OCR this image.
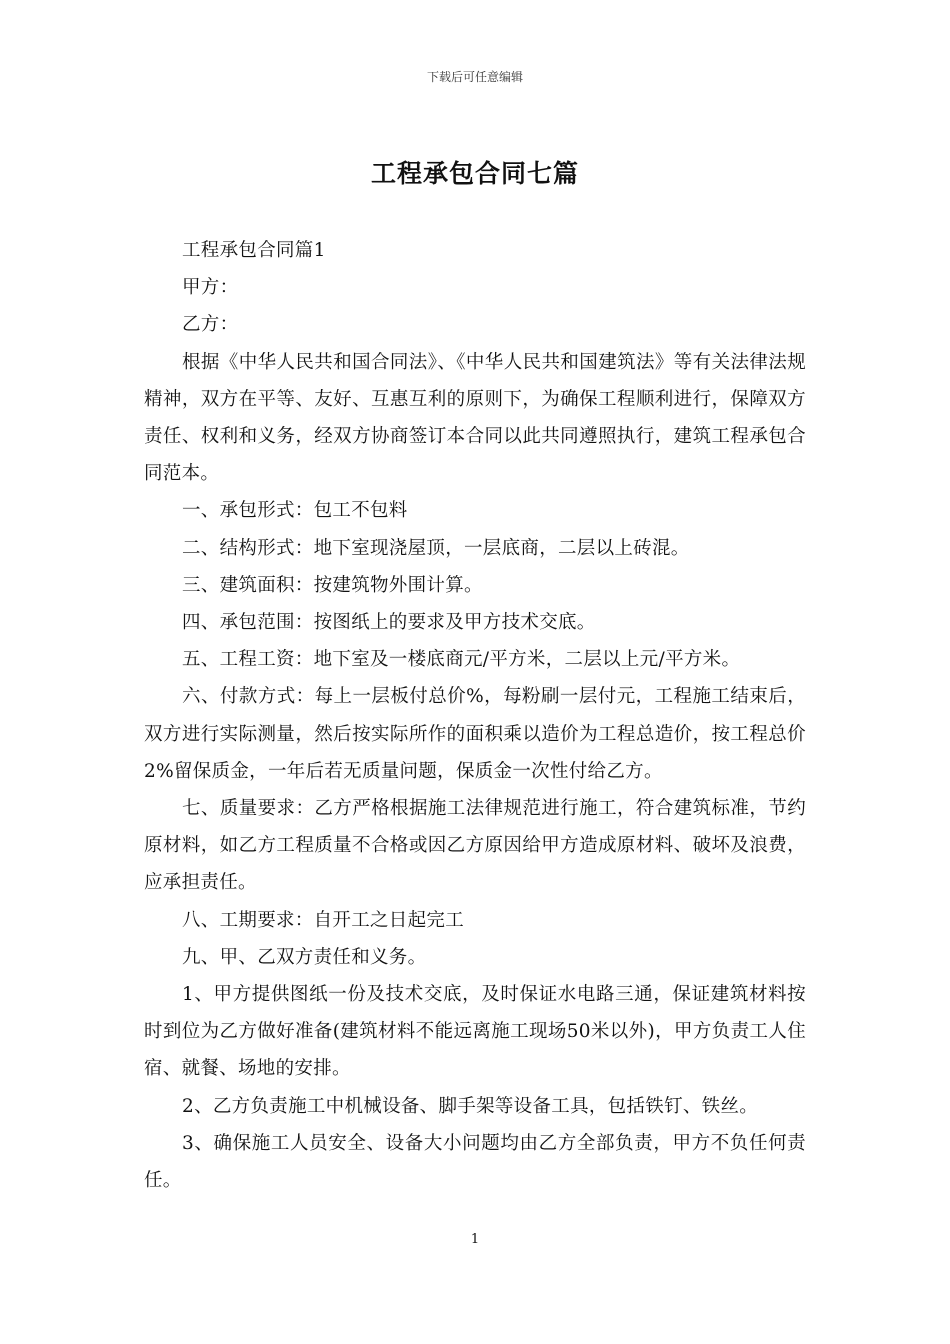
下载后可任意编辑
工程承包合同七篇

工程承包合同篇1

甲方：

乙方：

根据《中华人民共和国合同法》、《中华人民共和国建筑法》等有关法律法规精神，双方在平等、友好、互惠互利的原则下，为确保工程顺利进行，保障双方责任、权利和义务，经双方协商签订本合同以此共同遵照执行，建筑工程承包合同范本。

一、承包形式：包工不包料

二、结构形式：地下室现浇屋顶，一层底商，二层以上砖混。

三、建筑面积：按建筑物外围计算。

四、承包范围：按图纸上的要求及甲方技术交底。

五、工程工资：地下室及一楼底商元/平方米，二层以上元/平方米。

六、付款方式：每上一层板付总价%，每粉刷一层付元，工程施工结束后，双方进行实际测量，然后按实际所作的面积乘以造价为工程总造价，按工程总价2%留保质金，一年后若无质量问题，保质金一次性付给乙方。

七、质量要求：乙方严格根据施工法律规范进行施工，符合建筑标准，节约原材料，如乙方工程质量不合格或因乙方原因给甲方造成原材料、破坏及浪费，应承担责任。

八、工期要求：自开工之日起完工

九、甲、乙双方责任和义务。

1、甲方提供图纸一份及技术交底，及时保证水电路三通，保证建筑材料按时到位为乙方做好准备(建筑材料不能远离施工现场50米以外)，甲方负责工人住宿、就餐、场地的安排。

2、乙方负责施工中机械设备、脚手架等设备工具，包括铁钉、铁丝。

3、确保施工人员安全、设备大小问题均由乙方全部负责，甲方不负任何责任。

1
